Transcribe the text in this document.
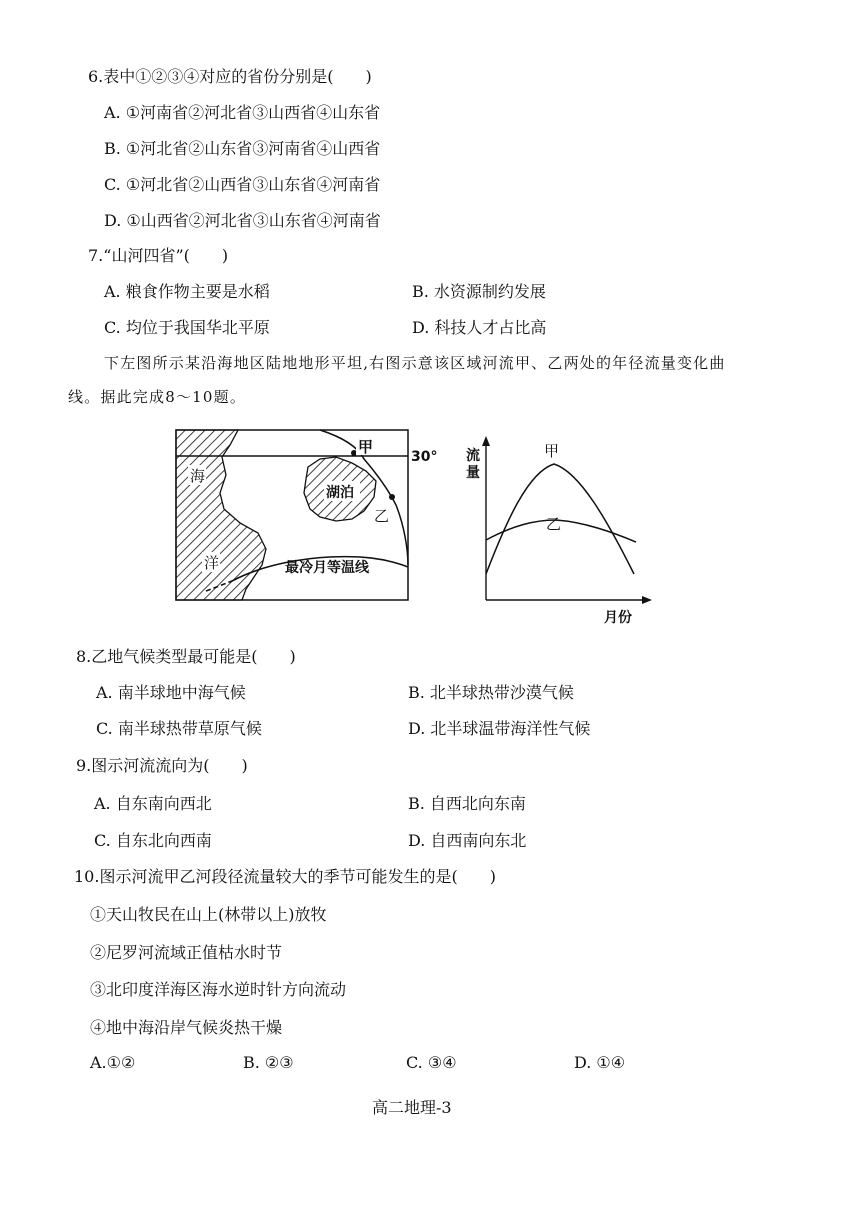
6.表中①②③④对应的省份分别是(　　)
A. ①河南省②河北省③山西省④山东省
B. ①河北省②山东省③河南省④山西省
C. ①河北省②山西省③山东省④河南省
D. ①山西省②河北省③山东省④河南省
7.“山河四省”(　　)
A. 粮食作物主要是水稻	B. 水资源制约发展
C. 均位于我国华北平原	D. 科技人才占比高
下左图所示某沿海地区陆地地形平坦,右图示意该区域河流甲、乙两处的年径流量变化曲
线。据此完成8～10题。
海
洋
湖泊
甲
乙
30°
最冷月等温线
流
量
月份
甲
乙
8.乙地气候类型最可能是(　　)
A. 南半球地中海气候	B. 北半球热带沙漠气候
C. 南半球热带草原气候	D. 北半球温带海洋性气候
9.图示河流流向为(　　)
A. 自东南向西北	B. 自西北向东南
C. 自东北向西南	D. 自西南向东北
10.图示河流甲乙河段径流量较大的季节可能发生的是(　　)
①天山牧民在山上(林带以上)放牧
②尼罗河流域正值枯水时节
③北印度洋海区海水逆时针方向流动
④地中海沿岸气候炎热干燥
A.①②	B. ②③	C. ③④	D. ①④
高二地理-3
